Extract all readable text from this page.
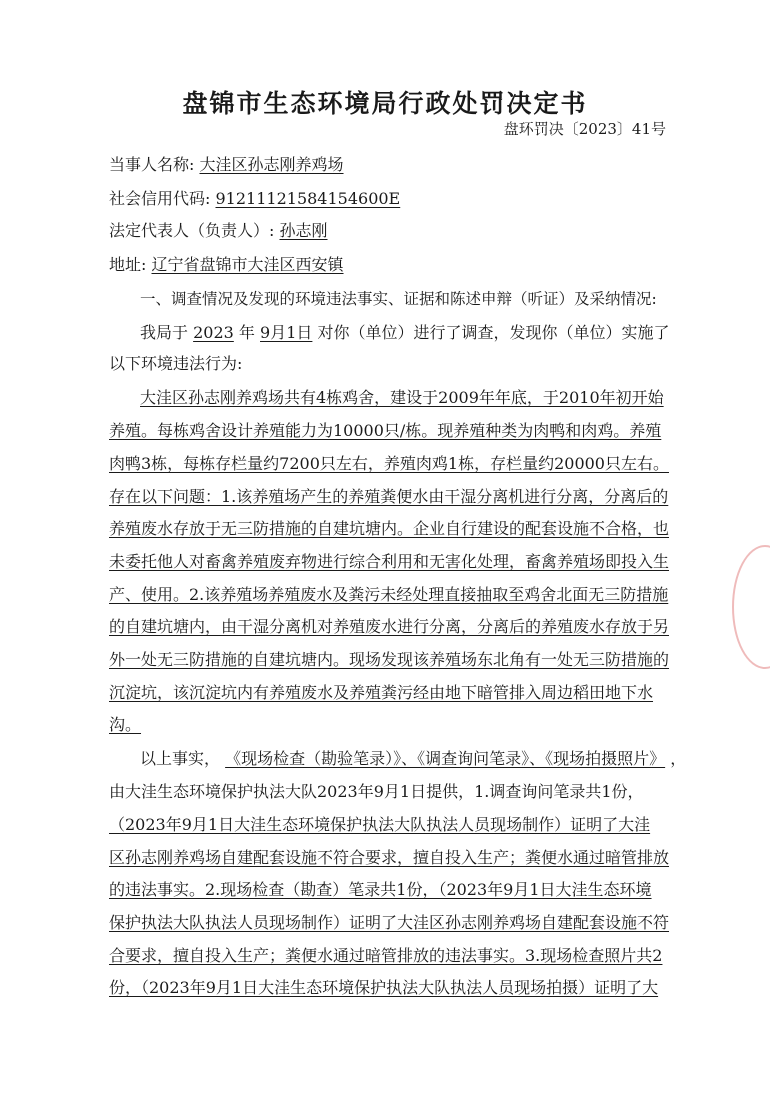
盘锦市生态环境局行政处罚决定书
盘环罚决〔2023〕41号
当事人名称: 大洼区孙志刚养鸡场
社会信用代码: 91211121584154600E
法定代表人（负责人）: 孙志刚
地址: 辽宁省盘锦市大洼区西安镇
一、调查情况及发现的环境违法事实、证据和陈述申辩（听证）及采纳情况:
我局于 2023 年 9月1日 对你（单位）进行了调查，发现你（单位）实施了
以下环境违法行为:
大洼区孙志刚养鸡场共有4栋鸡舍，建设于2009年年底，于2010年初开始
养殖。每栋鸡舍设计养殖能力为10000只/栋。现养殖种类为肉鸭和肉鸡。养殖
肉鸭3栋，每栋存栏量约7200只左右，养殖肉鸡1栋，存栏量约20000只左右。
存在以下问题：1.该养殖场产生的养殖粪便水由干湿分离机进行分离，分离后的
养殖废水存放于无三防措施的自建坑塘内。企业自行建设的配套设施不合格，也
未委托他人对畜禽养殖废弃物进行综合利用和无害化处理，畜禽养殖场即投入生
产、使用。2.该养殖场养殖废水及粪污未经处理直接抽取至鸡舍北面无三防措施
的自建坑塘内，由干湿分离机对养殖废水进行分离，分离后的养殖废水存放于另
外一处无三防措施的自建坑塘内。现场发现该养殖场东北角有一处无三防措施的
沉淀坑，该沉淀坑内有养殖废水及养殖粪污经由地下暗管排入周边稻田地下水
沟。
以上事实， 《现场检查（勘验笔录）》、《调查询问笔录》、《现场拍摄照片》 ，
由大洼生态环境保护执法大队2023年9月1日提供，1.调查询问笔录共1份，
（2023年9月1日大洼生态环境保护执法大队执法人员现场制作）证明了大洼
区孙志刚养鸡场自建配套设施不符合要求，擅自投入生产；粪便水通过暗管排放
的违法事实。2.现场检查（勘查）笔录共1份，（2023年9月1日大洼生态环境
保护执法大队执法人员现场制作）证明了大洼区孙志刚养鸡场自建配套设施不符
合要求，擅自投入生产；粪便水通过暗管排放的违法事实。3.现场检查照片共2
份，（2023年9月1日大洼生态环境保护执法大队执法人员现场拍摄）证明了大
